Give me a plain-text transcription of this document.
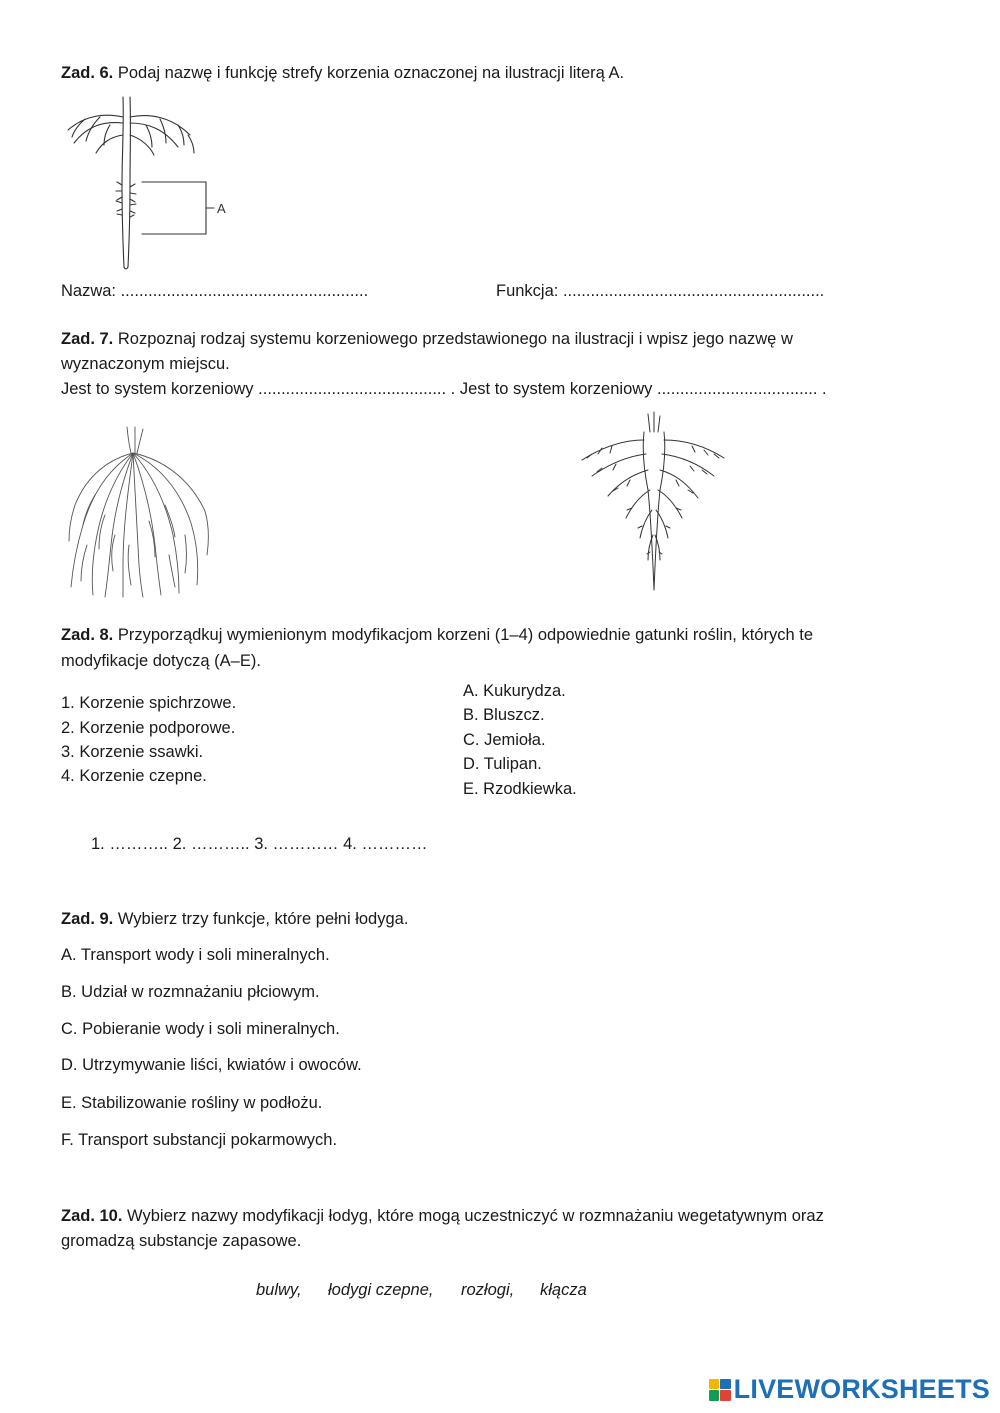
Zad. 6. Podaj nazwę i funkcję strefy korzenia oznaczonej na ilustracji literą A.
A
Nazwa: ......................................................	Funkcja: .........................................................
Zad. 7. Rozpoznaj rodzaj systemu korzeniowego przedstawionego na ilustracji i wpisz jego nazwę w
wyznaczonym miejscu.
Jest to system korzeniowy ......................................... . Jest to system korzeniowy ................................... .
Zad. 8. Przyporządkuj wymienionym modyfikacjom korzeni (1–4) odpowiednie gatunki roślin, których te
modyfikacje dotyczą (A–E).
1. Korzenie spichrzowe.
2. Korzenie podporowe.
3. Korzenie ssawki.
4. Korzenie czepne.
A. Kukurydza.
B. Bluszcz.
C. Jemioła.
D. Tulipan.
E. Rzodkiewka.
1. ……….. 2. ……….. 3. ………… 4. …………
Zad. 9. Wybierz trzy funkcje, które pełni łodyga.
A. Transport wody i soli mineralnych.
B. Udział w rozmnażaniu płciowym.
C. Pobieranie wody i soli mineralnych.
D. Utrzymywanie liści, kwiatów i owoców.
E. Stabilizowanie rośliny w podłożu.
F. Transport substancji pokarmowych.
Zad. 10. Wybierz nazwy modyfikacji łodyg, które mogą uczestniczyć w rozmnażaniu wegetatywnym oraz
gromadzą substancje zapasowe.
bulwy, łodygi czepne, rozłogi, kłącza
LIVEWORKSHEETS
